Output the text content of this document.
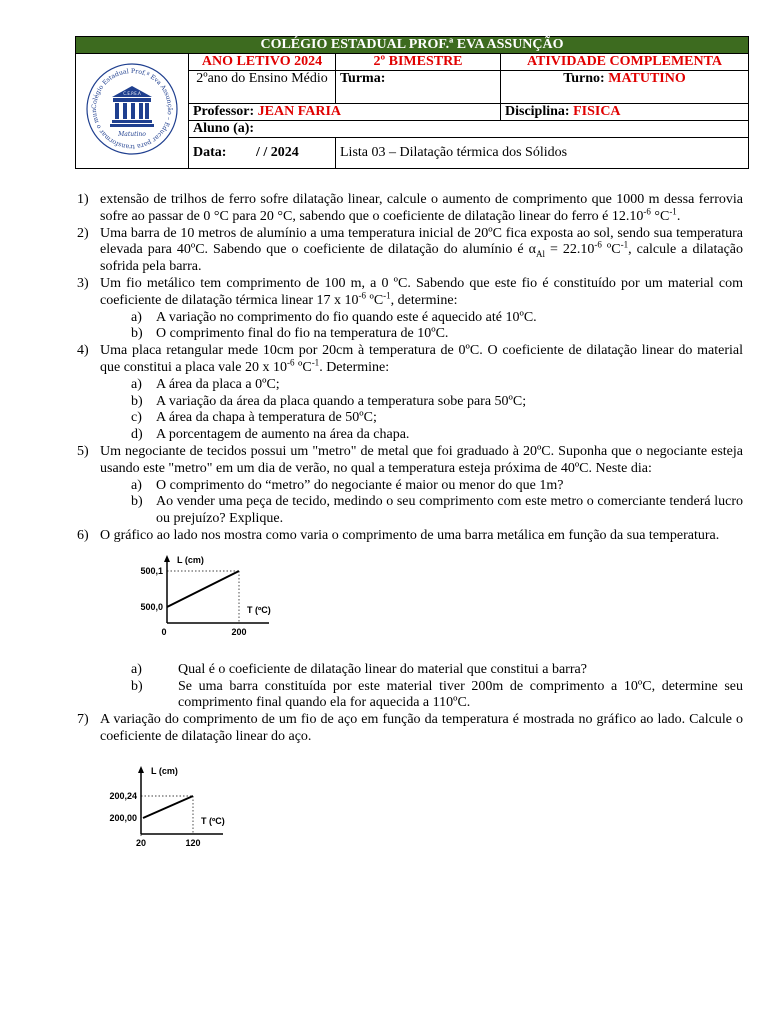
COLÉGIO ESTADUAL PROF.ª EVA ASSUNÇÃO			

Colégio Estadual Prof.ª Eva Assunção – Educar para transformar o mun
C.E.P.E.A
Matutino	ANO LETIVO 2024	2º BIMESTRE	ATIVIDADE COMPLEMENTA
	2ºano do Ensino Médio	Turma:	Turno: MATUTINO
	Professor: JEAN FARIA		Disciplina: FISICA
	Aluno (a):		
	Data: / / 2024	Lista 03 – Dilatação térmica dos Sólidos	
1) extensão de trilhos de ferro sofre dilatação linear, calcule o aumento de comprimento que 1000 m dessa ferrovia sofre ao passar de 0 °C para 20 °C, sabendo que o coeficiente de dilatação linear do ferro é $12.10^{-6}$ $^\circ C^{-1}$.
2) Uma barra de 10 metros de alumínio a uma temperatura inicial de 20ºC fica exposta ao sol, sendo sua temperatura elevada para 40ºC. Sabendo que o coeficiente de dilatação do alumínio é $\alpha_{Al} = 22.10^{-6}$ ºC$^{-1}$, calcule a dilatação sofrida pela barra.
3) Um fio metálico tem comprimento de 100 m, a 0 ºC. Sabendo que este fio é constituído por um material com coeficiente de dilatação térmica linear 17 x $10^{-6}$ ºC$^{-1}$, determine:
a)	A variação no comprimento do fio quando este é aquecido até 10ºC.
b) O comprimento final do fio na temperatura de 10ºC.
4) Uma placa retangular mede 10cm por 20cm à temperatura de 0ºC. O coeficiente de dilatação linear do material que constitui a placa vale 20 x $10^{-6}$ ºC$^{-1}$. Determine:
a)	A área da placa a 0ºC;
b) A variação da área da placa quando a temperatura sobe para 50ºC;
c)	A área da chapa à temperatura de 50ºC;
d) A porcentagem de aumento na área da chapa.
5) Um negociante de tecidos possui um "metro" de metal que foi graduado à 20ºC. Suponha que o negociante esteja usando este "metro" em um dia de verão, no qual a temperatura esteja próxima de 40ºC. Neste dia:
a)	O comprimento do “metro” do negociante é maior ou menor do que 1m?
b) Ao vender uma peça de tecido, medindo o seu comprimento com este metro o comerciante tenderá lucro ou prejuízo? Explique.
6) O gráfico ao lado nos mostra como varia o comprimento de uma barra metálica em função da sua temperatura.
500,1
500,0
0	200
L (cm)
T (ºC)
a)	Qual é o coeficiente de dilatação linear do material que constitui a barra?
b)	Se uma barra constituída por este material tiver 200m de comprimento a 10ºC, determine seu comprimento final quando ela for aquecida a 110ºC.
7) A variação do comprimento de um fio de aço em função da temperatura é mostrada no gráfico ao lado. Calcule o coeficiente de dilatação linear do aço.
200,24
200,00
20	120
L (cm)
T (ºC)
